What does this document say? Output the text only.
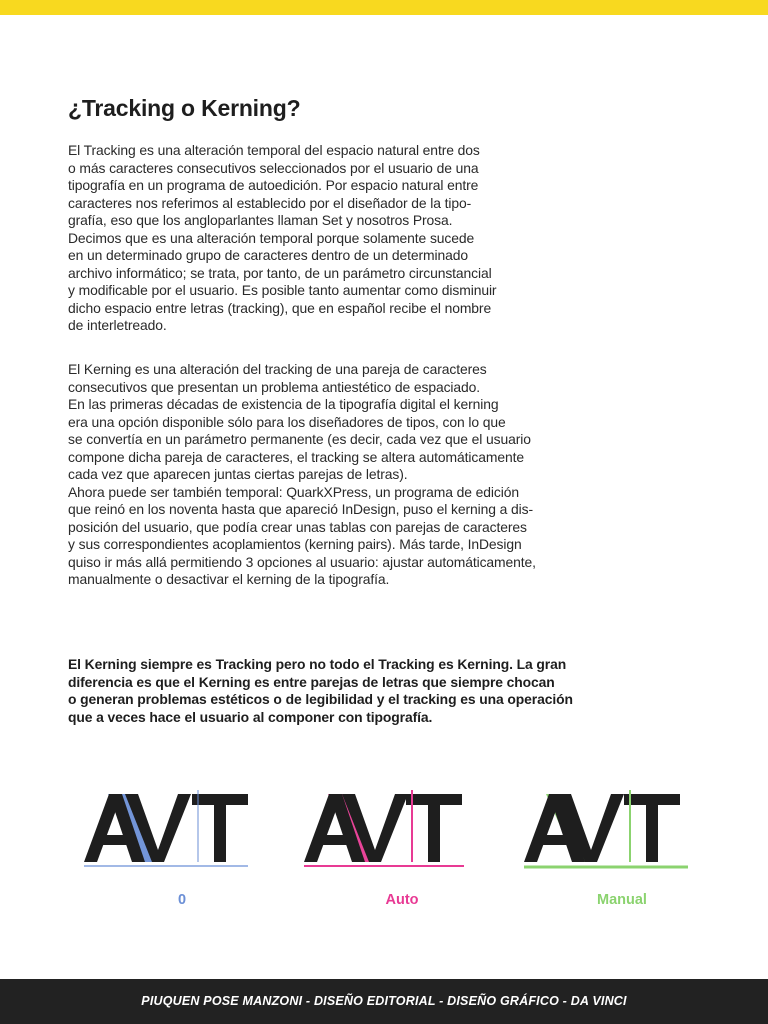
¿Tracking o Kerning?

El Tracking es una alteración temporal del espacio natural entre dos
o más caracteres consecutivos seleccionados por el usuario de una
tipografía en un programa de autoedición. Por espacio natural entre
caracteres nos referimos al establecido por el diseñador de la tipo-
grafía, eso que los angloparlantes llaman Set y nosotros Prosa.
Decimos que es una alteración temporal porque solamente sucede
en un determinado grupo de caracteres dentro de un determinado
archivo informático; se trata, por tanto, de un parámetro circunstancial
y modificable por el usuario. Es posible tanto aumentar como disminuir
dicho espacio entre letras (tracking), que en español recibe el nombre
de interletreado.

El Kerning es una alteración del tracking de una pareja de caracteres
consecutivos que presentan un problema antiestético de espaciado.
En las primeras décadas de existencia de la tipografía digital el kerning
era una opción disponible sólo para los diseñadores de tipos, con lo que
se convertía en un parámetro permanente (es decir, cada vez que el usuario
compone dicha pareja de caracteres, el tracking se altera automáticamente
cada vez que aparecen juntas ciertas parejas de letras).
Ahora puede ser también temporal: QuarkXPress, un programa de edición
que reinó en los noventa hasta que apareció InDesign, puso el kerning a dis-
posición del usuario, que podía crear unas tablas con parejas de caracteres
y sus correspondientes acoplamientos (kerning pairs). Más tarde, InDesign
quiso ir más allá permitiendo 3 opciones al usuario: ajustar automáticamente,
manualmente o desactivar el kerning de la tipografía.

El Kerning siempre es Tracking pero no todo el Tracking es Kerning. La gran
diferencia es que el Kerning es entre parejas de letras que siempre chocan
o generan problemas estéticos o de legibilidad y el tracking es una operación
que a veces hace el usuario al componer con tipografía.

0	Auto	Manual
PIUQUEN POSE MANZONI - DISEÑO EDITORIAL - DISEÑO GRÁFICO - DA VINCI
